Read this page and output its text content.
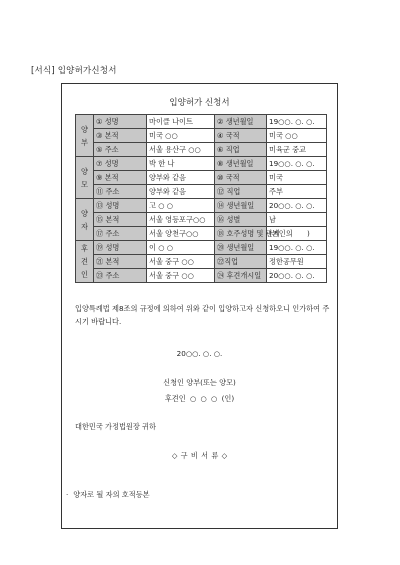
[서식] 입양허가신청서
입양허가 신청서
양
부	① 성명	마이클 나이트	② 생년월일	19○○. ○. ○.
	③ 본적	미국 ○○	④ 국적	미국 ○○
	⑤ 주소	서울 용산구 ○○	⑥ 직업	미육군 중교

양
모	⑦ 성명	박 한 나	⑧ 생년월일	19○○. ○. ○.
	⑨ 본적	양부와 같음	⑩ 국적	미국
	⑪ 주소	양부와 같음	⑫ 직업	주부

양
자	⑬ 성명	고 ○ ○	⑭ 생년월일	20○○. ○. ○.
	⑮ 본적	서울 영등포구○○	⑯ 성별	남
	⑰ 주소	서울 양천구○○	⑱ 호주성명 및 관계	(본인의　　)

후
견
인	⑲ 성명	이 ○ ○	⑳ 생년월일	19○○. ○. ○.
	㉑ 본적	서울 중구 ○○	㉒직업	정한공무원
	㉓ 주소	서울 중구 ○○	㉔ 후견개시일	20○○. ○. ○.
입양특례법 제8조의 규정에 의하여 위와 같이 입양하고자 신청하오니 인가하여 주시기 바랍니다.
20○○. ○. ○.
신청인 양부(또는 양모)
후견인 ○ ○ ○ (인)
대한민국 가정법원장 귀하
◇ 구 비 서 류 ◇
· 양자로 될 자의 호적등본
